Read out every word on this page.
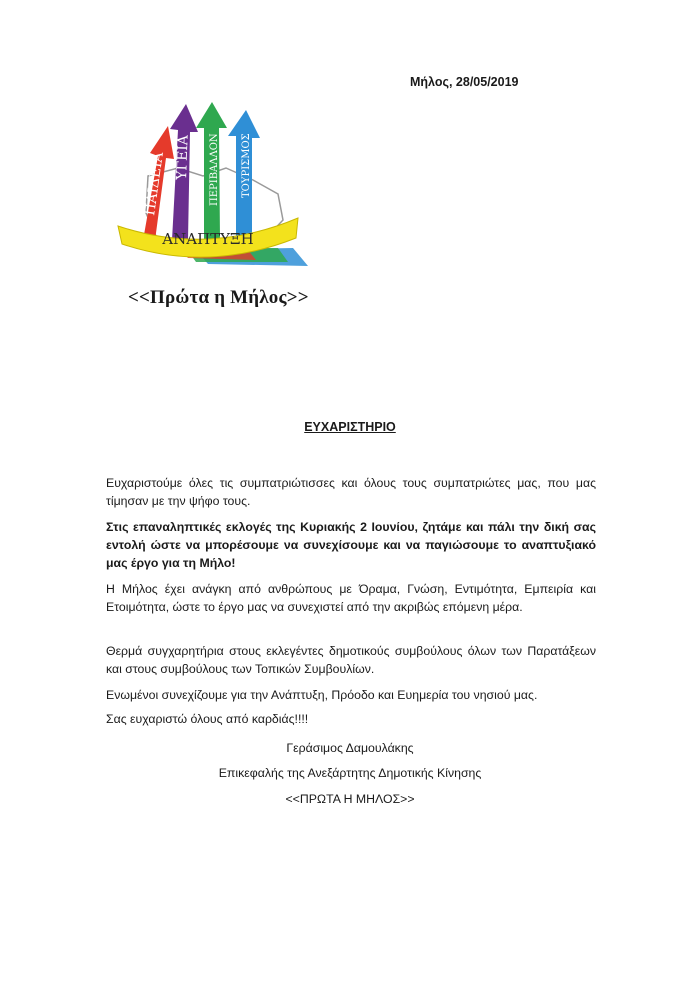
Μήλος, 28/05/2019
ΠΑΙΔΕΙΑ ΥΓΕΙΑ ΠΕΡΙΒΑΛΛΟΝ ΤΟΥΡΙΣΜΟΣ
ΑΝΑΠΤΥΞΗ
<<Πρώτα η Μήλος>>
ΕΥΧΑΡΙΣΤΗΡΙΟ

Ευχαριστούμε όλες τις συμπατριώτισσες και όλους τους συμπατριώτες μας, που μας τίμησαν με την ψήφο τους.

Στις επαναληπτικές εκλογές της Κυριακής 2 Ιουνίου, ζητάμε και πάλι την δική σας εντολή ώστε να μπορέσουμε να συνεχίσουμε και να παγιώσουμε το αναπτυξιακό μας έργο για τη Μήλο!

Η Μήλος έχει ανάγκη από ανθρώπους με Όραμα, Γνώση, Εντιμότητα, Εμπειρία και Ετοιμότητα, ώστε το έργο μας να συνεχιστεί από την ακριβώς επόμενη μέρα.

Θερμά συγχαρητήρια στους εκλεγέντες δημοτικούς συμβούλους όλων των Παρατάξεων και στους συμβούλους των Τοπικών Συμβουλίων.

Ενωμένοι συνεχίζουμε για την Ανάπτυξη, Πρόοδο και Ευημερία του νησιού μας.

Σας ευχαριστώ όλους από καρδιάς!!!!

Γεράσιμος Δαμουλάκης
Επικεφαλής της Ανεξάρτητης Δημοτικής Κίνησης
<<ΠΡΩΤΑ Η ΜΗΛΟΣ>>
